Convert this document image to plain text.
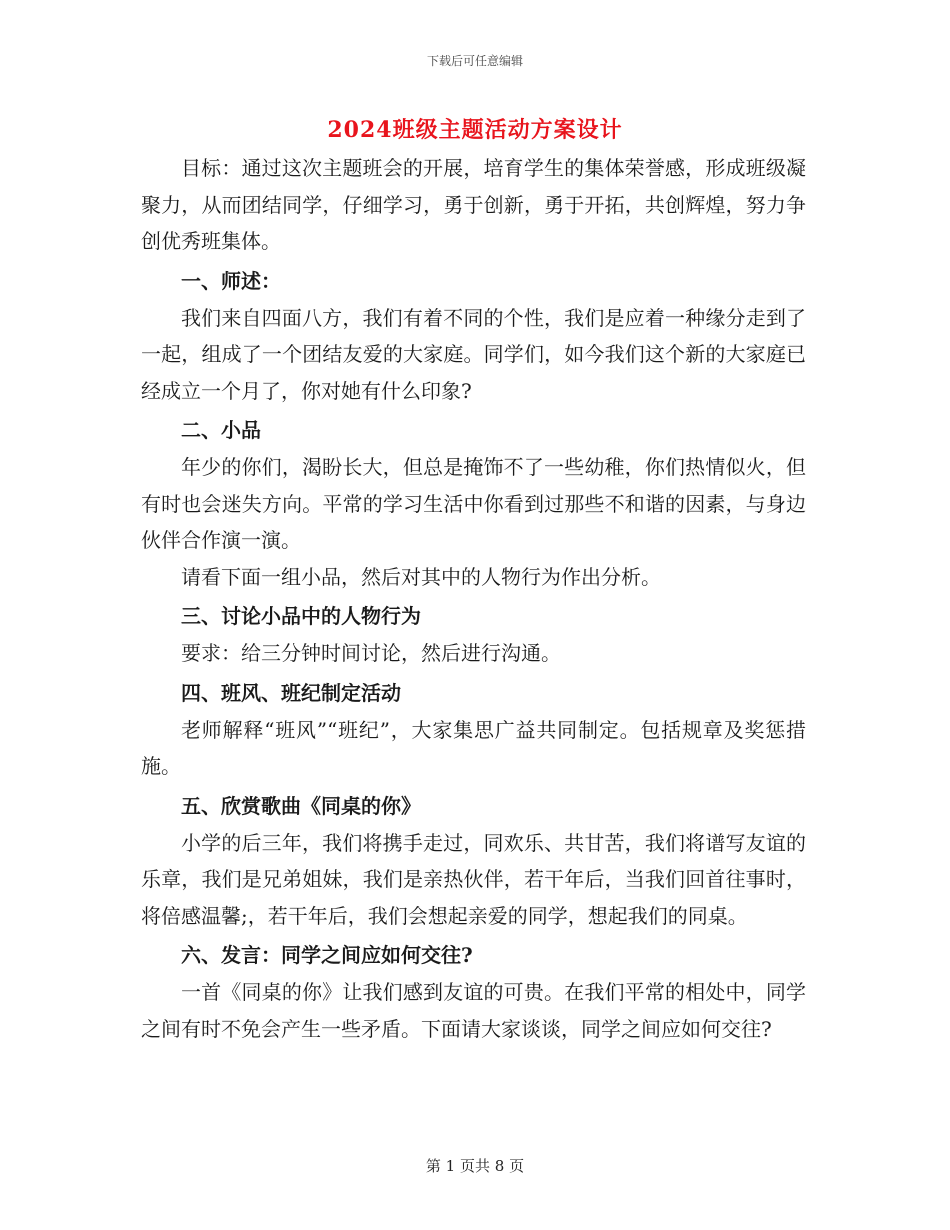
下载后可任意编辑
2024班级主题活动方案设计

目标：通过这次主题班会的开展，培育学生的集体荣誉感，形成班级凝聚力，从而团结同学，仔细学习，勇于创新，勇于开拓，共创辉煌，努力争创优秀班集体。

一、师述：

我们来自四面八方，我们有着不同的个性，我们是应着一种缘分走到了一起，组成了一个团结友爱的大家庭。同学们，如今我们这个新的大家庭已经成立一个月了，你对她有什么印象?

二、小品

年少的你们，渴盼长大，但总是掩饰不了一些幼稚，你们热情似火，但有时也会迷失方向。平常的学习生活中你看到过那些不和谐的因素，与身边伙伴合作演一演。

请看下面一组小品，然后对其中的人物行为作出分析。

三、讨论小品中的人物行为

要求：给三分钟时间讨论，然后进行沟通。

四、班风、班纪制定活动

老师解释“班风”“班纪”，大家集思广益共同制定。包括规章及奖惩措施。

五、欣赏歌曲《同桌的你》

小学的后三年，我们将携手走过，同欢乐、共甘苦，我们将谱写友谊的乐章，我们是兄弟姐妹，我们是亲热伙伴，若干年后，当我们回首往事时，将倍感温馨;，若干年后，我们会想起亲爱的同学，想起我们的同桌。

六、发言：同学之间应如何交往?

一首《同桌的你》让我们感到友谊的可贵。在我们平常的相处中，同学之间有时不免会产生一些矛盾。下面请大家谈谈，同学之间应如何交往?

第 1 页共 8 页
